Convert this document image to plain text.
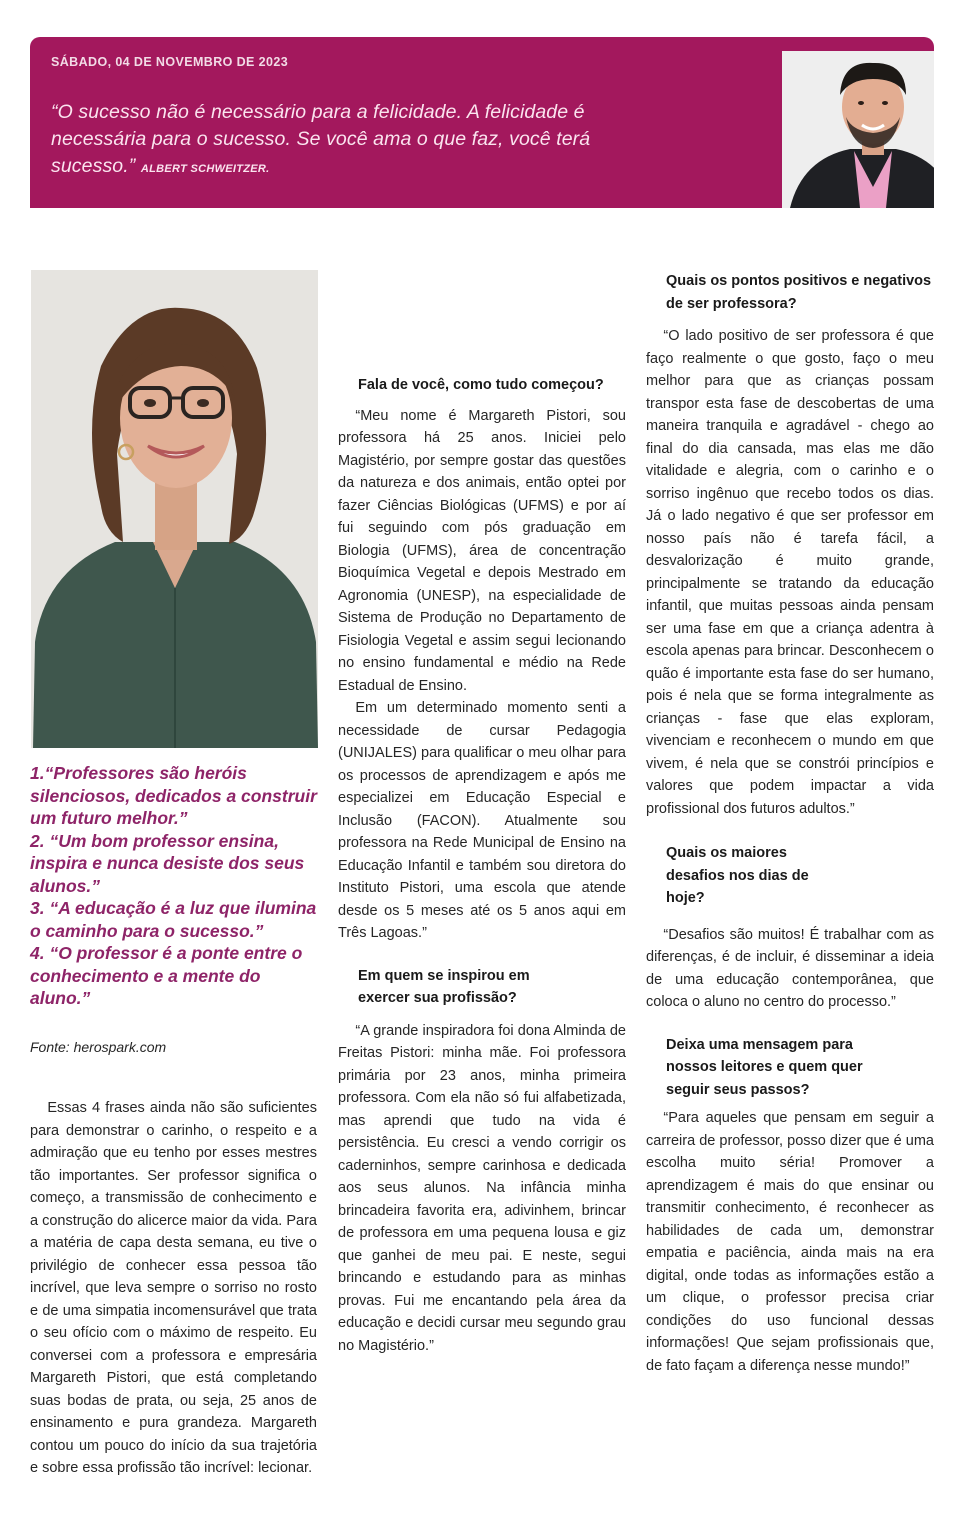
SÁBADO, 04 DE NOVEMBRO DE 2023
“O sucesso não é necessário para a felicidade. A felicidade é necessária para o sucesso. Se você ama o que faz, você terá sucesso.” ALBERT SCHWEITZER.

1.“Professores são heróis silenciosos, dedicados a construir um futuro melhor.”

2. “Um bom professor ensina, inspira e nunca desiste dos seus alunos.”

3. “A educação é a luz que ilumina o caminho para o sucesso.”

4. “O professor é a ponte entre o conhecimento e a mente do aluno.”

Fonte: herospark.com

Essas 4 frases ainda não são suficientes para demonstrar o carinho, o respeito e a admiração que eu tenho por esses mestres tão importantes. Ser professor significa o começo, a transmissão de conhecimento e a construção do alicerce maior da vida. Para a matéria de capa desta semana, eu tive o privilégio de conhecer essa pessoa tão incrível, que leva sempre o sorriso no rosto e de uma simpatia incomensurável que trata o seu ofício com o máximo de respeito. Eu conversei com a professora e empresária Margareth Pistori, que está completando suas bodas de prata, ou seja, 25 anos de ensinamento e pura grandeza. Margareth contou um pouco do início da sua trajetória e sobre essa profissão tão incrível: lecionar.

Fala de você, como tudo começou?

“Meu nome é Margareth Pistori, sou professora há 25 anos. Iniciei pelo Magistério, por sempre gostar das questões da natureza e dos animais, então optei por fazer Ciências Biológicas (UFMS) e por aí fui seguindo com pós graduação em Biologia (UFMS), área de concentração Bioquímica Vegetal e depois Mestrado em Agronomia (UNESP), na especialidade de Sistema de Produção no Departamento de Fisiologia Vegetal e assim segui lecionando no ensino fundamental e médio na Rede Estadual de Ensino.

Em um determinado momento senti a necessidade de cursar Pedagogia (UNIJALES) para qualificar o meu olhar para os processos de aprendizagem e após me especializei em Educação Especial e Inclusão (FACON). Atualmente sou professora na Rede Municipal de Ensino na Educação Infantil e também sou diretora do Instituto Pistori, uma escola que atende desde os 5 meses até os 5 anos aqui em Três Lagoas.”

Em quem se inspirou em exercer sua profissão?

“A grande inspiradora foi dona Alminda de Freitas Pistori: minha mãe. Foi professora primária por 23 anos, minha primeira professora. Com ela não só fui alfabetizada, mas aprendi que tudo na vida é persistência. Eu cresci a vendo corrigir os caderninhos, sempre carinhosa e dedicada aos seus alunos. Na infância minha brincadeira favorita era, adivinhem, brincar de professora em uma pequena lousa e giz que ganhei de meu pai. E neste, segui brincando e estudando para as minhas provas. Fui me encantando pela área da educação e decidi cursar meu segundo grau no Magistério.”

Quais os pontos positivos e negativos de ser professora?

“O lado positivo de ser professora é que faço realmente o que gosto, faço o meu melhor para que as crianças possam transpor esta fase de descobertas de uma maneira tranquila e agradável - chego ao final do dia cansada, mas elas me dão vitalidade e alegria, com o carinho e o sorriso ingênuo que recebo todos os dias. Já o lado negativo é que ser professor em nosso país não é tarefa fácil, a desvalorização é muito grande, principalmente se tratando da educação infantil, que muitas pessoas ainda pensam ser uma fase em que a criança adentra à escola apenas para brincar. Desconhecem o quão é importante esta fase do ser humano, pois é nela que se forma integralmente as crianças - fase que elas exploram, vivenciam e reconhecem o mundo em que vivem, é nela que se constrói princípios e valores que podem impactar a vida profissional dos futuros adultos.”

Quais os maiores desafios nos dias de hoje?

“Desafios são muitos! É trabalhar com as diferenças, é de incluir, é disseminar a ideia de uma educação contemporânea, que coloca o aluno no centro do processo.”

Deixa uma mensagem para nossos leitores e quem quer seguir seus passos?

“Para aqueles que pensam em seguir a carreira de professor, posso dizer que é uma escolha muito séria! Promover a aprendizagem é mais do que ensinar ou transmitir conhecimento, é reconhecer as habilidades de cada um, demonstrar empatia e paciência, ainda mais na era digital, onde todas as informações estão a um clique, o professor precisa criar condições do uso funcional dessas informações! Que sejam profissionais que, de fato façam a diferença nesse mundo!”
